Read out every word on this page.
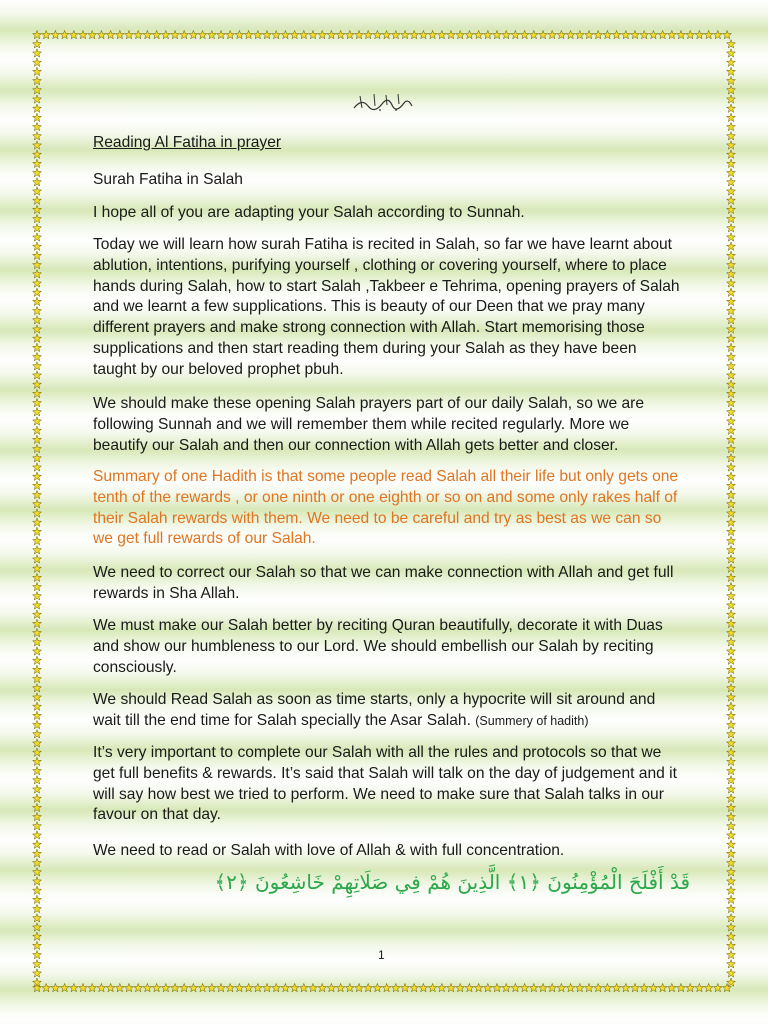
Reading Al Fatiha in prayer

Surah Fatiha in Salah

I hope all of you are adapting your Salah according to Sunnah.

Today we will learn how surah Fatiha is recited in Salah, so far we have learnt about ablution, intentions, purifying yourself , clothing or covering yourself, where to place hands during Salah, how to start Salah ,Takbeer e Tehrima, opening prayers of Salah and we learnt a few supplications. This is beauty of our Deen that we pray many different prayers and make strong connection with Allah. Start memorising those supplications and then start reading them during your Salah as they have been taught by our beloved prophet pbuh.

We should make these opening Salah prayers part of our daily Salah, so we are following Sunnah and we will remember them while recited regularly. More we beautify our Salah and then our connection with Allah gets better and closer.

Summary of one Hadith is that some people read Salah all their life but only gets one tenth of the rewards , or one ninth or one eighth or so on and some only rakes half of their Salah rewards with them. We need to be careful and try as best as we can so we get full rewards of our Salah.

We need to correct our Salah so that we can make connection with Allah and get full rewards in Sha Allah.

We must make our Salah better by reciting Quran beautifully, decorate it with Duas and show our humbleness to our Lord. We should embellish our Salah by reciting consciously.

We should Read Salah as soon as time starts, only a hypocrite will sit around and wait till the end time for Salah specially the Asar Salah. (Summery of hadith)

It’s very important to complete our Salah with all the rules and protocols so that we get full benefits & rewards. It’s said that Salah will talk on the day of judgement and it will say how best we tried to perform. We need to make sure that Salah talks in our favour on that day.

We need to read or Salah with love of Allah & with full concentration.

قَدْ أَفْلَحَ الْمُؤْمِنُونَ ﴿١﴾ الَّذِينَ هُمْ فِي صَلَاتِهِمْ خَاشِعُونَ ﴿٢﴾
1
